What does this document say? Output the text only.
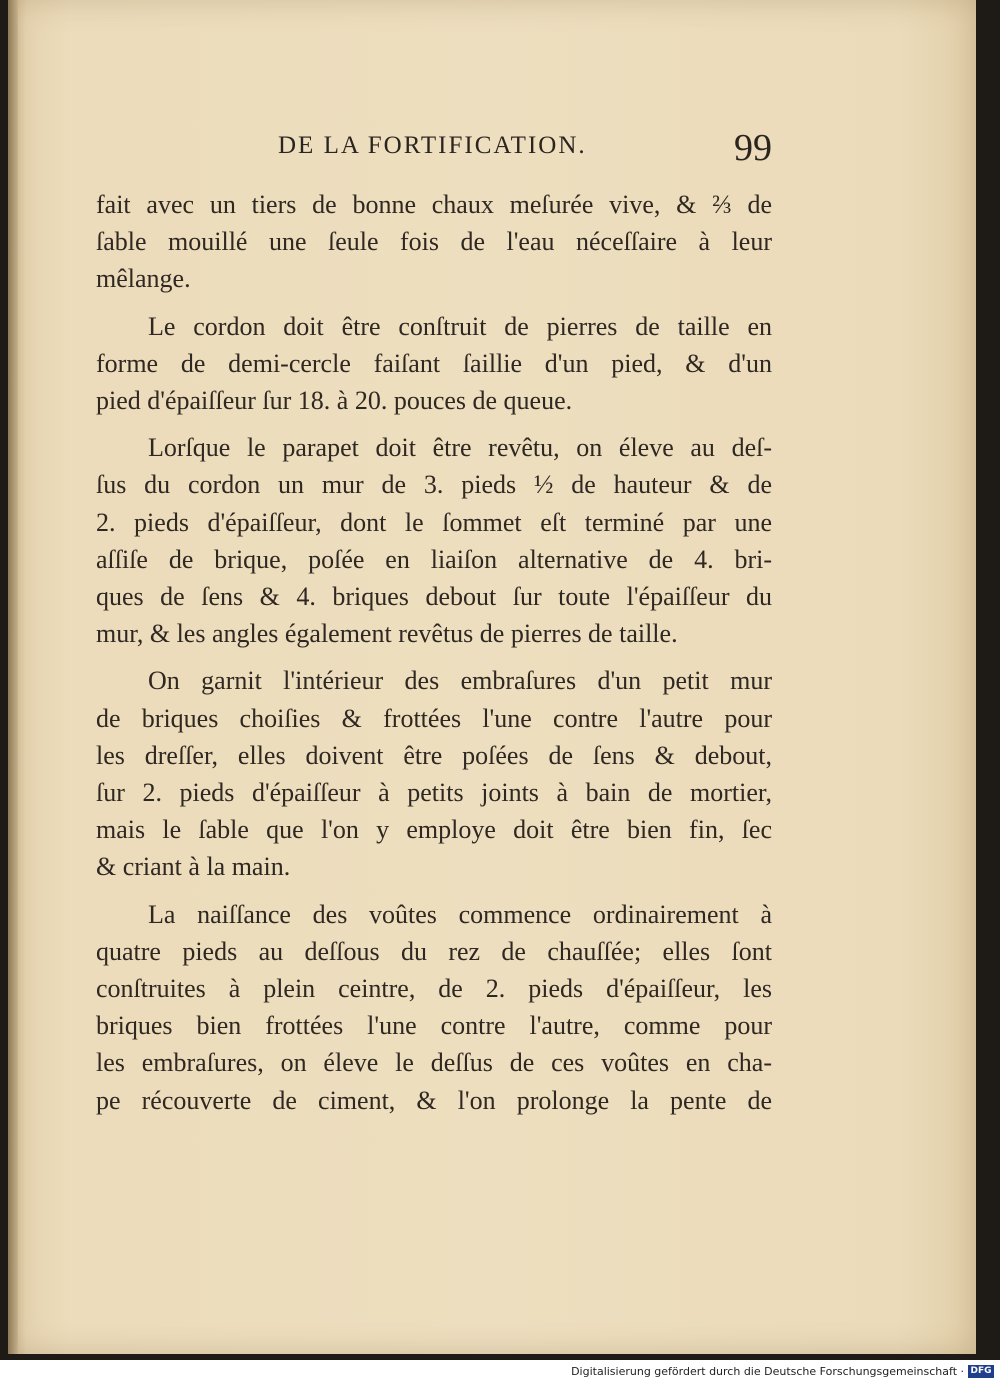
DE LA FORTIFICATION.	99
fait avec un tiers de bonne chaux meſurée vive, & ⅔ de
ſable mouillé une ſeule fois de l'eau néceſſaire à leur
mêlange.
Le cordon doit être conſtruit de pierres de taille en
forme de demi-cercle faiſant ſaillie d'un pied, & d'un
pied d'épaiſſeur ſur 18. à 20. pouces de queue.
Lorſque le parapet doit être revêtu, on éleve au deſ-
ſus du cordon un mur de 3. pieds ½ de hauteur & de
2. pieds d'épaiſſeur, dont le ſommet eſt terminé par une
aſſiſe de brique, poſée en liaiſon alternative de 4. bri-
ques de ſens & 4. briques debout ſur toute l'épaiſſeur du
mur, & les angles également revêtus de pierres de taille.
On garnit l'intérieur des embraſures d'un petit mur
de briques choiſies & frottées l'une contre l'autre pour
les dreſſer, elles doivent être poſées de ſens & debout,
ſur 2. pieds d'épaiſſeur à petits joints à bain de mortier,
mais le ſable que l'on y employe doit être bien fin, ſec
& criant à la main.
La naiſſance des voûtes commence ordinairement à
quatre pieds au deſſous du rez de chauſſée; elles ſont
conſtruites à plein ceintre, de 2. pieds d'épaiſſeur, les
briques bien frottées l'une contre l'autre, comme pour
les embraſures, on éleve le deſſus de ces voûtes en cha-
pe récouverte de ciment, & l'on prolonge la pente de
Digitalisierung gefördert durch die Deutsche Forschungsgemeinschaft · DFG
